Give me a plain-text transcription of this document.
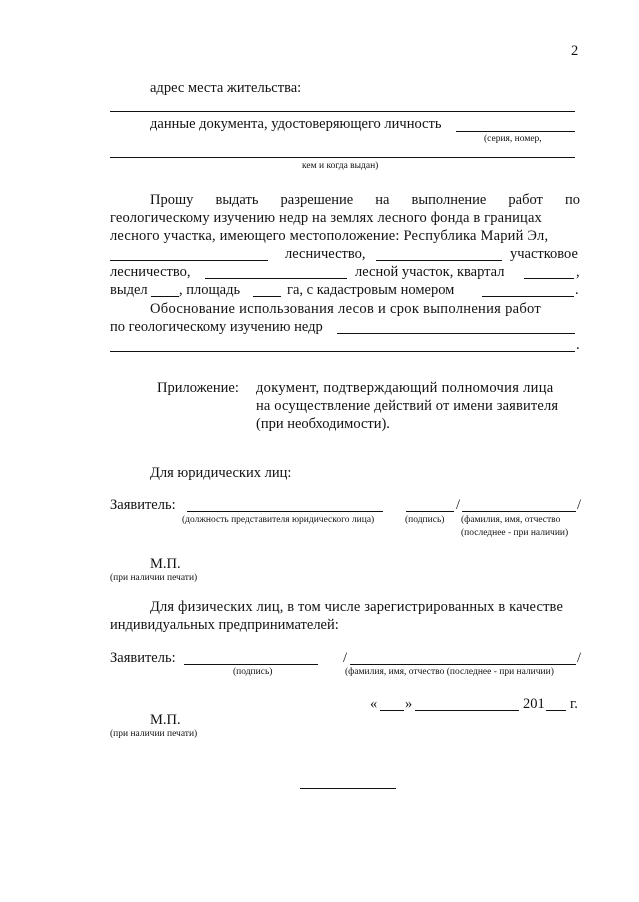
2
адрес места жительства:
данные документа, удостоверяющего личность
(серия, номер,
кем и когда выдан)
Прошу выдать разрешение на выполнение работ по
геологическому изучению недр на землях лесного фонда в границах
лесного участка, имеющего местоположение: Республика Марий Эл,
лесничество,	участковое
лесничество,	лесной участок, квартал	,
выдел , площадь	га, с кадастровым номером	.
Обоснование использования лесов и срок выполнения работ
по геологическому изучению недр
.
Приложение: документ, подтверждающий полномочия лица
на осуществление действий от имени заявителя
(при необходимости).
Для юридических лиц:
Заявитель:	/	/
(должность представителя юридического лица)	(подпись) (фамилия, имя, отчество
(последнее - при наличии)
М.П.
(при наличии печати)
Для физических лиц, в том числе зарегистрированных в качестве
индивидуальных предпринимателей:
Заявитель:	/	/
(подпись)	(фамилия, имя, отчество (последнее - при наличии)
« »	201 г.
М.П.
(при наличии печати)
